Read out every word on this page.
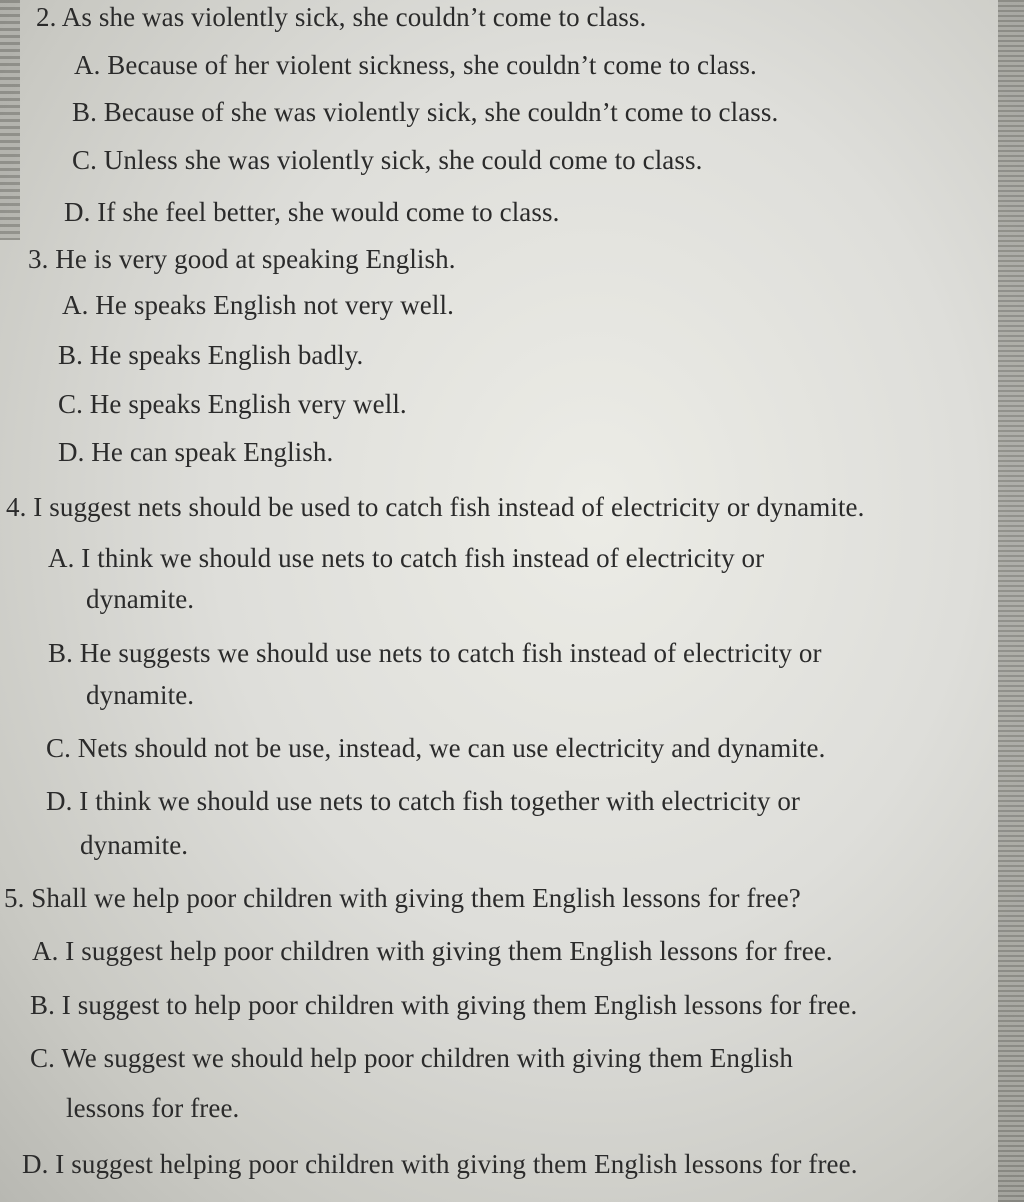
2. As she was violently sick, she couldn’t come to class.
A. Because of her violent sickness, she couldn’t come to class.
B. Because of she was violently sick, she couldn’t come to class.
C. Unless she was violently sick, she could come to class.
D. If she feel better, she would come to class.
3. He is very good at speaking English.
A. He speaks English not very well.
B. He speaks English badly.
C. He speaks English very well.
D. He can speak English.
4. I suggest nets should be used to catch fish instead of electricity or dynamite.
A. I think we should use nets to catch fish instead of electricity or
dynamite.
B. He suggests we should use nets to catch fish instead of electricity or
dynamite.
C. Nets should not be use, instead, we can use electricity and dynamite.
D. I think we should use nets to catch fish together with electricity or
dynamite.
5. Shall we help poor children with giving them English lessons for free?
A. I suggest help poor children with giving them English lessons for free.
B. I suggest to help poor children with giving them English lessons for free.
C. We suggest we should help poor children with giving them English
lessons for free.
D. I suggest helping poor children with giving them English lessons for free.
